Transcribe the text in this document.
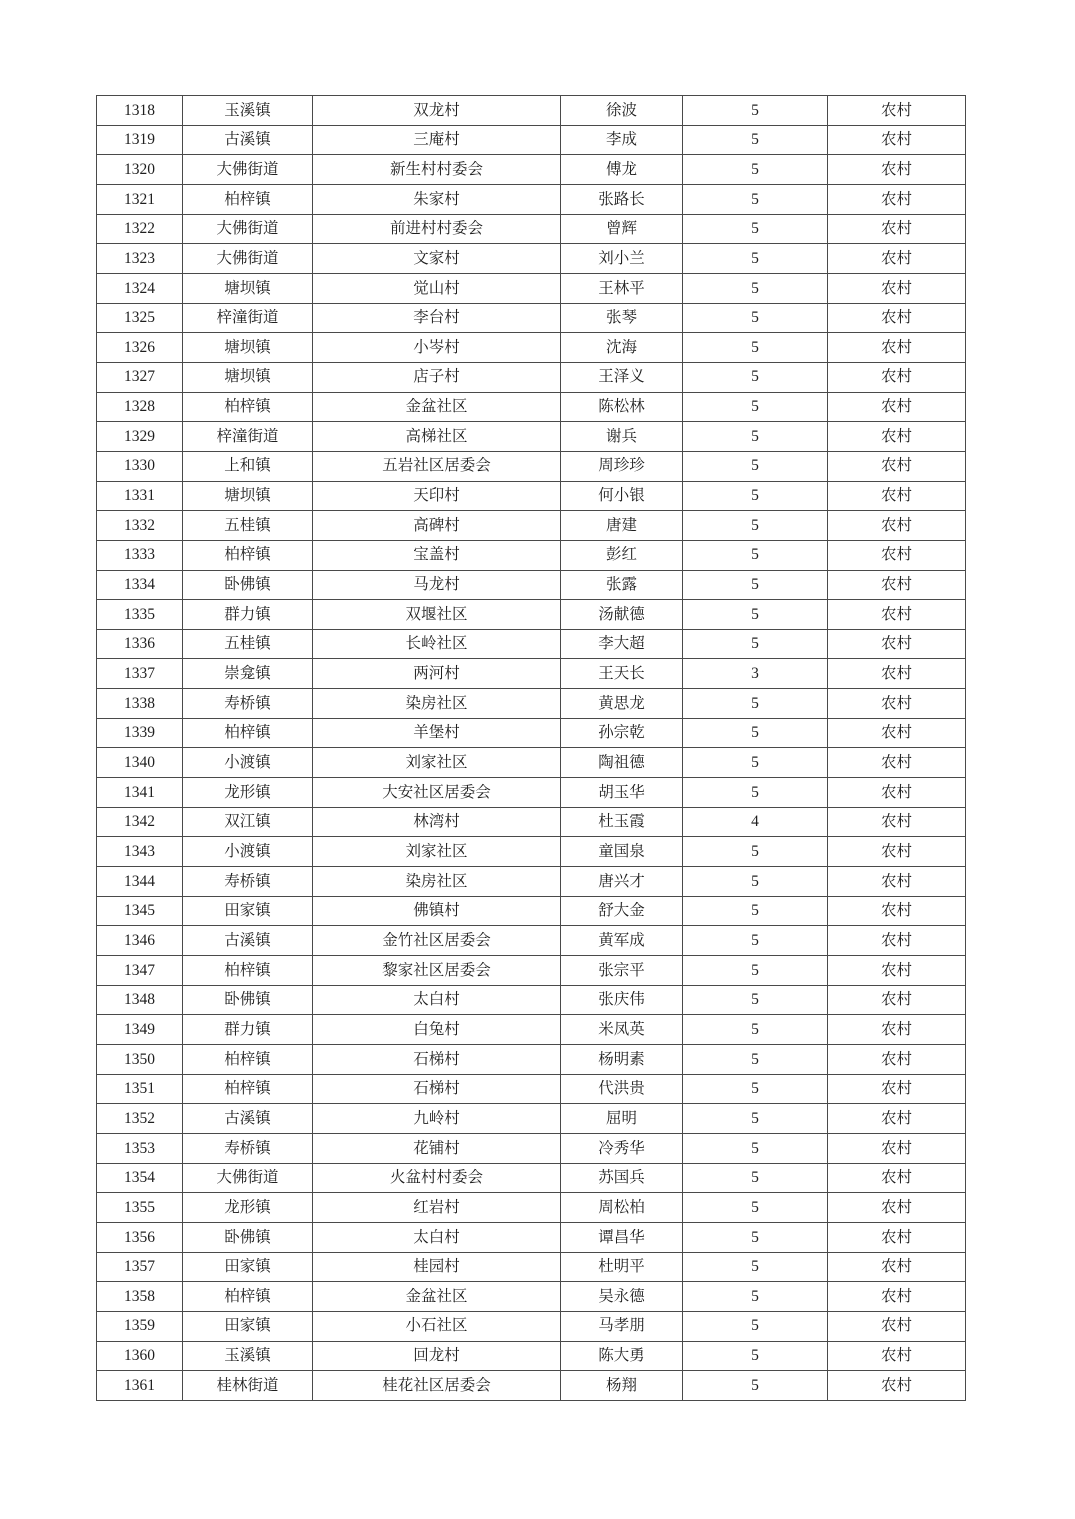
1318	玉溪镇	双龙村	徐波	5	农村
1319	古溪镇	三庵村	李成	5	农村
1320	大佛街道	新生村村委会	傅龙	5	农村
1321	柏梓镇	朱家村	张路长	5	农村
1322	大佛街道	前进村村委会	曾辉	5	农村
1323	大佛街道	文家村	刘小兰	5	农村
1324	塘坝镇	觉山村	王林平	5	农村
1325	梓潼街道	李台村	张琴	5	农村
1326	塘坝镇	小岑村	沈海	5	农村
1327	塘坝镇	店子村	王泽义	5	农村
1328	柏梓镇	金盆社区	陈松林	5	农村
1329	梓潼街道	高梯社区	谢兵	5	农村
1330	上和镇	五岩社区居委会	周珍珍	5	农村
1331	塘坝镇	天印村	何小银	5	农村
1332	五桂镇	高碑村	唐建	5	农村
1333	柏梓镇	宝盖村	彭红	5	农村
1334	卧佛镇	马龙村	张露	5	农村
1335	群力镇	双堰社区	汤献德	5	农村
1336	五桂镇	长岭社区	李大超	5	农村
1337	崇龛镇	两河村	王天长	3	农村
1338	寿桥镇	染房社区	黄思龙	5	农村
1339	柏梓镇	羊堡村	孙宗乾	5	农村
1340	小渡镇	刘家社区	陶祖德	5	农村
1341	龙形镇	大安社区居委会	胡玉华	5	农村
1342	双江镇	林湾村	杜玉霞	4	农村
1343	小渡镇	刘家社区	童国泉	5	农村
1344	寿桥镇	染房社区	唐兴才	5	农村
1345	田家镇	佛镇村	舒大金	5	农村
1346	古溪镇	金竹社区居委会	黄军成	5	农村
1347	柏梓镇	黎家社区居委会	张宗平	5	农村
1348	卧佛镇	太白村	张庆伟	5	农村
1349	群力镇	白兔村	米凤英	5	农村
1350	柏梓镇	石梯村	杨明素	5	农村
1351	柏梓镇	石梯村	代洪贵	5	农村
1352	古溪镇	九岭村	屈明	5	农村
1353	寿桥镇	花铺村	冷秀华	5	农村
1354	大佛街道	火盆村村委会	苏国兵	5	农村
1355	龙形镇	红岩村	周松柏	5	农村
1356	卧佛镇	太白村	谭昌华	5	农村
1357	田家镇	桂园村	杜明平	5	农村
1358	柏梓镇	金盆社区	吴永德	5	农村
1359	田家镇	小石社区	马孝朋	5	农村
1360	玉溪镇	回龙村	陈大勇	5	农村
1361	桂林街道	桂花社区居委会	杨翔	5	农村
